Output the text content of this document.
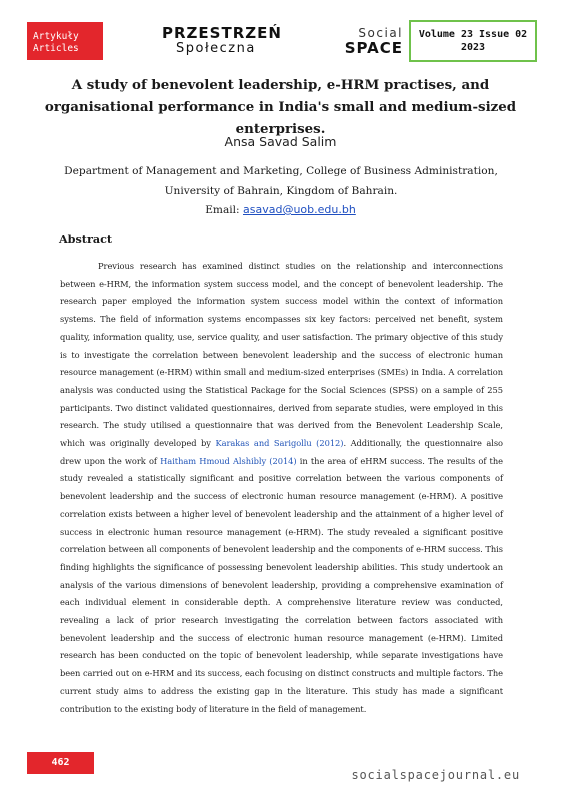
Artykuły
Articles
PRZESTRZEŃ
Społeczna
Social
SPACE
Volume 23 Issue 02
2023
A study of benevolent leadership, e-HRM practises, and organisational performance in India's small and medium-sized enterprises.
Ansa Savad Salim
Department of Management and Marketing, College of Business Administration, University of Bahrain, Kingdom of Bahrain.
Email: asavad@uob.edu.bh
Abstract

Previous research has examined distinct studies on the relationship and interconnections between e-HRM, the information system success model, and the concept of benevolent leadership. The research paper employed the information system success model within the context of information systems. The field of information systems encompasses six key factors: perceived net benefit, system quality, information quality, use, service quality, and user satisfaction. The primary objective of this study is to investigate the correlation between benevolent leadership and the success of electronic human resource management (e-HRM) within small and medium-sized enterprises (SMEs) in India. A correlation analysis was conducted using the Statistical Package for the Social Sciences (SPSS) on a sample of 255 participants. Two distinct validated questionnaires, derived from separate studies, were employed in this research. The study utilised a questionnaire that was derived from the Benevolent Leadership Scale, which was originally developed by Karakas and Sarigollu (2012). Additionally, the questionnaire also drew upon the work of Haitham Hmoud Alshibly (2014) in the area of eHRM success. The results of the study revealed a statistically significant and positive correlation between the various components of benevolent leadership and the success of electronic human resource management (e-HRM). A positive correlation exists between a higher level of benevolent leadership and the attainment of a higher level of success in electronic human resource management (e-HRM). The study revealed a significant positive correlation between all components of benevolent leadership and the components of e-HRM success. This finding highlights the significance of possessing benevolent leadership abilities. This study undertook an analysis of the various dimensions of benevolent leadership, providing a comprehensive examination of each individual element in considerable depth. A comprehensive literature review was conducted, revealing a lack of prior research investigating the correlation between factors associated with benevolent leadership and the success of electronic human resource management (e-HRM). Limited research has been conducted on the topic of benevolent leadership, while separate investigations have been carried out on e-HRM and its success, each focusing on distinct constructs and multiple factors. The current study aims to address the existing gap in the literature. This study has made a significant contribution to the existing body of literature in the field of management.

462
socialspacejournal.eu
